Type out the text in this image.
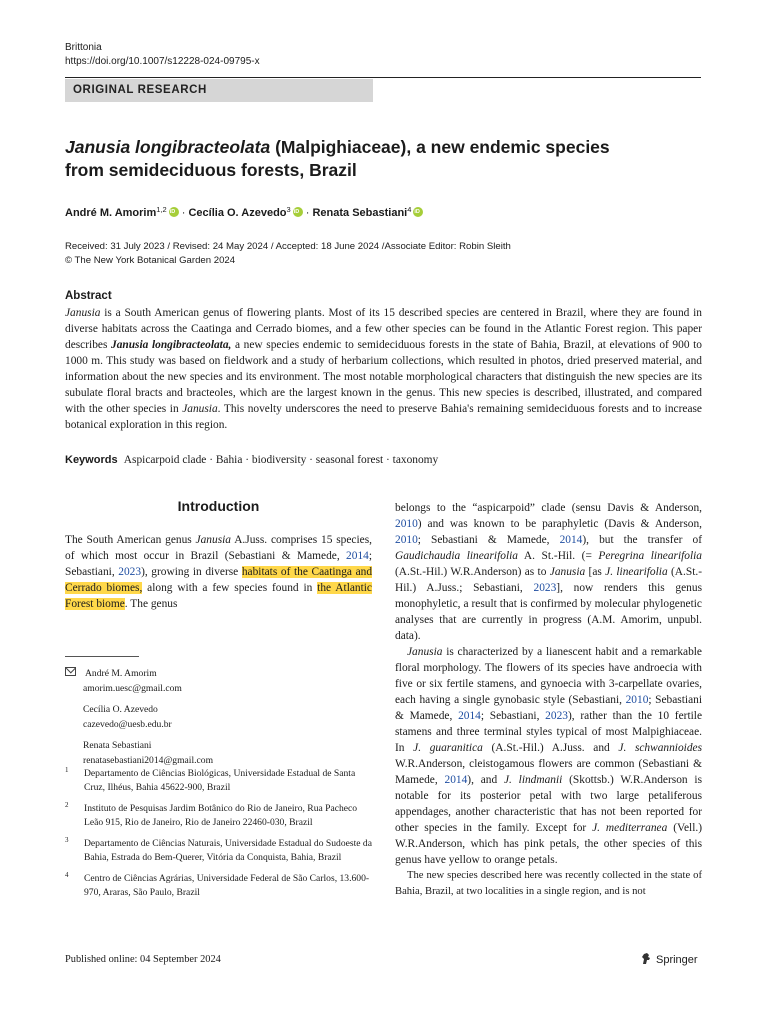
Brittonia
https://doi.org/10.1007/s12228-024-09795-x
ORIGINAL RESEARCH
Janusia longibracteolata (Malpighiaceae), a new endemic species
from semideciduous forests, Brazil
André M. Amorim$^{1,2}$iD · Cecília O. Azevedo$^3$iD · Renata Sebastiani$^4$iD
Received: 31 July 2023 / Revised: 24 May 2024 / Accepted: 18 June 2024 /Associate Editor: Robin Sleith
© The New York Botanical Garden 2024
Abstract
Janusia is a South American genus of flowering plants. Most of its 15 described species are centered in Brazil, where they are found in diverse habitats across the Caatinga and Cerrado biomes, and a few other species can be found in the Atlantic Forest region. This paper describes Janusia longibracteolata, a new species endemic to semideciduous forests in the state of Bahia, Brazil, at elevations of 900 to 1000 m. This study was based on fieldwork and a study of herbarium collections, which resulted in photos, dried preserved material, and information about the new species and its environment. The most notable morphological characters that distinguish the new species are its subulate floral bracts and bracteoles, which are the largest known in the genus. This new species is described, illustrated, and compared with the other species in Janusia. This novelty underscores the need to preserve Bahia's remaining semideciduous forests and to increase botanical exploration in this region.
Keywords Aspicarpoid clade · Bahia · biodiversity · seasonal forest · taxonomy
Introduction
The South American genus Janusia A.Juss. comprises 15 species, of which most occur in Brazil (Sebastiani & Mamede, 2014; Sebastiani, 2023), growing in diverse habitats of the Caatinga and Cerrado biomes, along with a few species found in the Atlantic Forest biome. The genus
André M. Amorim
amorim.uesc@gmail.com
Cecília O. Azevedo
cazevedo@uesb.edu.br
Renata Sebastiani
renatasebastiani2014@gmail.com
1 Departamento de Ciências Biológicas, Universidade Estadual de Santa Cruz, Ilhéus, Bahia 45622-900, Brazil
2 Instituto de Pesquisas Jardim Botânico do Rio de Janeiro, Rua Pacheco Leão 915, Rio de Janeiro, Rio de Janeiro 22460-030, Brazil
3 Departamento de Ciências Naturais, Universidade Estadual do Sudoeste da Bahia, Estrada do Bem-Querer, Vitória da Conquista, Bahia, Brazil
4 Centro de Ciências Agrárias, Universidade Federal de São Carlos, 13.600-970, Araras, São Paulo, Brazil

belongs to the “aspicarpoid” clade (sensu Davis & Anderson, 2010) and was known to be paraphyletic (Davis & Anderson, 2010; Sebastiani & Mamede, 2014), but the transfer of Gaudichaudia linearifolia A. St.-Hil. (= Peregrina linearifolia (A.St.-Hil.) W.R.Anderson) as to Janusia [as J. linearifolia (A.St.-Hil.) A.Juss.; Sebastiani, 2023], now renders this genus monophyletic, a result that is confirmed by molecular phylogenetic analyses that are currently in progress (A.M. Amorim, unpubl. data).

Janusia is characterized by a lianescent habit and a remarkable floral morphology. The flowers of its species have androecia with five or six fertile stamens, and gynoecia with 3-carpellate ovaries, each having a single gynobasic style (Sebastiani, 2010; Sebastiani & Mamede, 2014; Sebastiani, 2023), rather than the 10 fertile stamens and three terminal styles typical of most Malpighiaceae. In J. guaranitica (A.St.-Hil.) A.Juss. and J. schwannioides W.R.Anderson, cleistogamous flowers are common (Sebastiani & Mamede, 2014), and J. lindmanii (Skottsb.) W.R.Anderson is notable for its posterior petal with two large petaliferous appendages, another characteristic that has not been reported for other species in the family. Except for J. mediterranea (Vell.) W.R.Anderson, which has pink petals, the other species of this genus have yellow to orange petals.

The new species described here was recently collected in the state of Bahia, Brazil, at two localities in a single region, and is not

Published online: 04 September 2024	Springer
